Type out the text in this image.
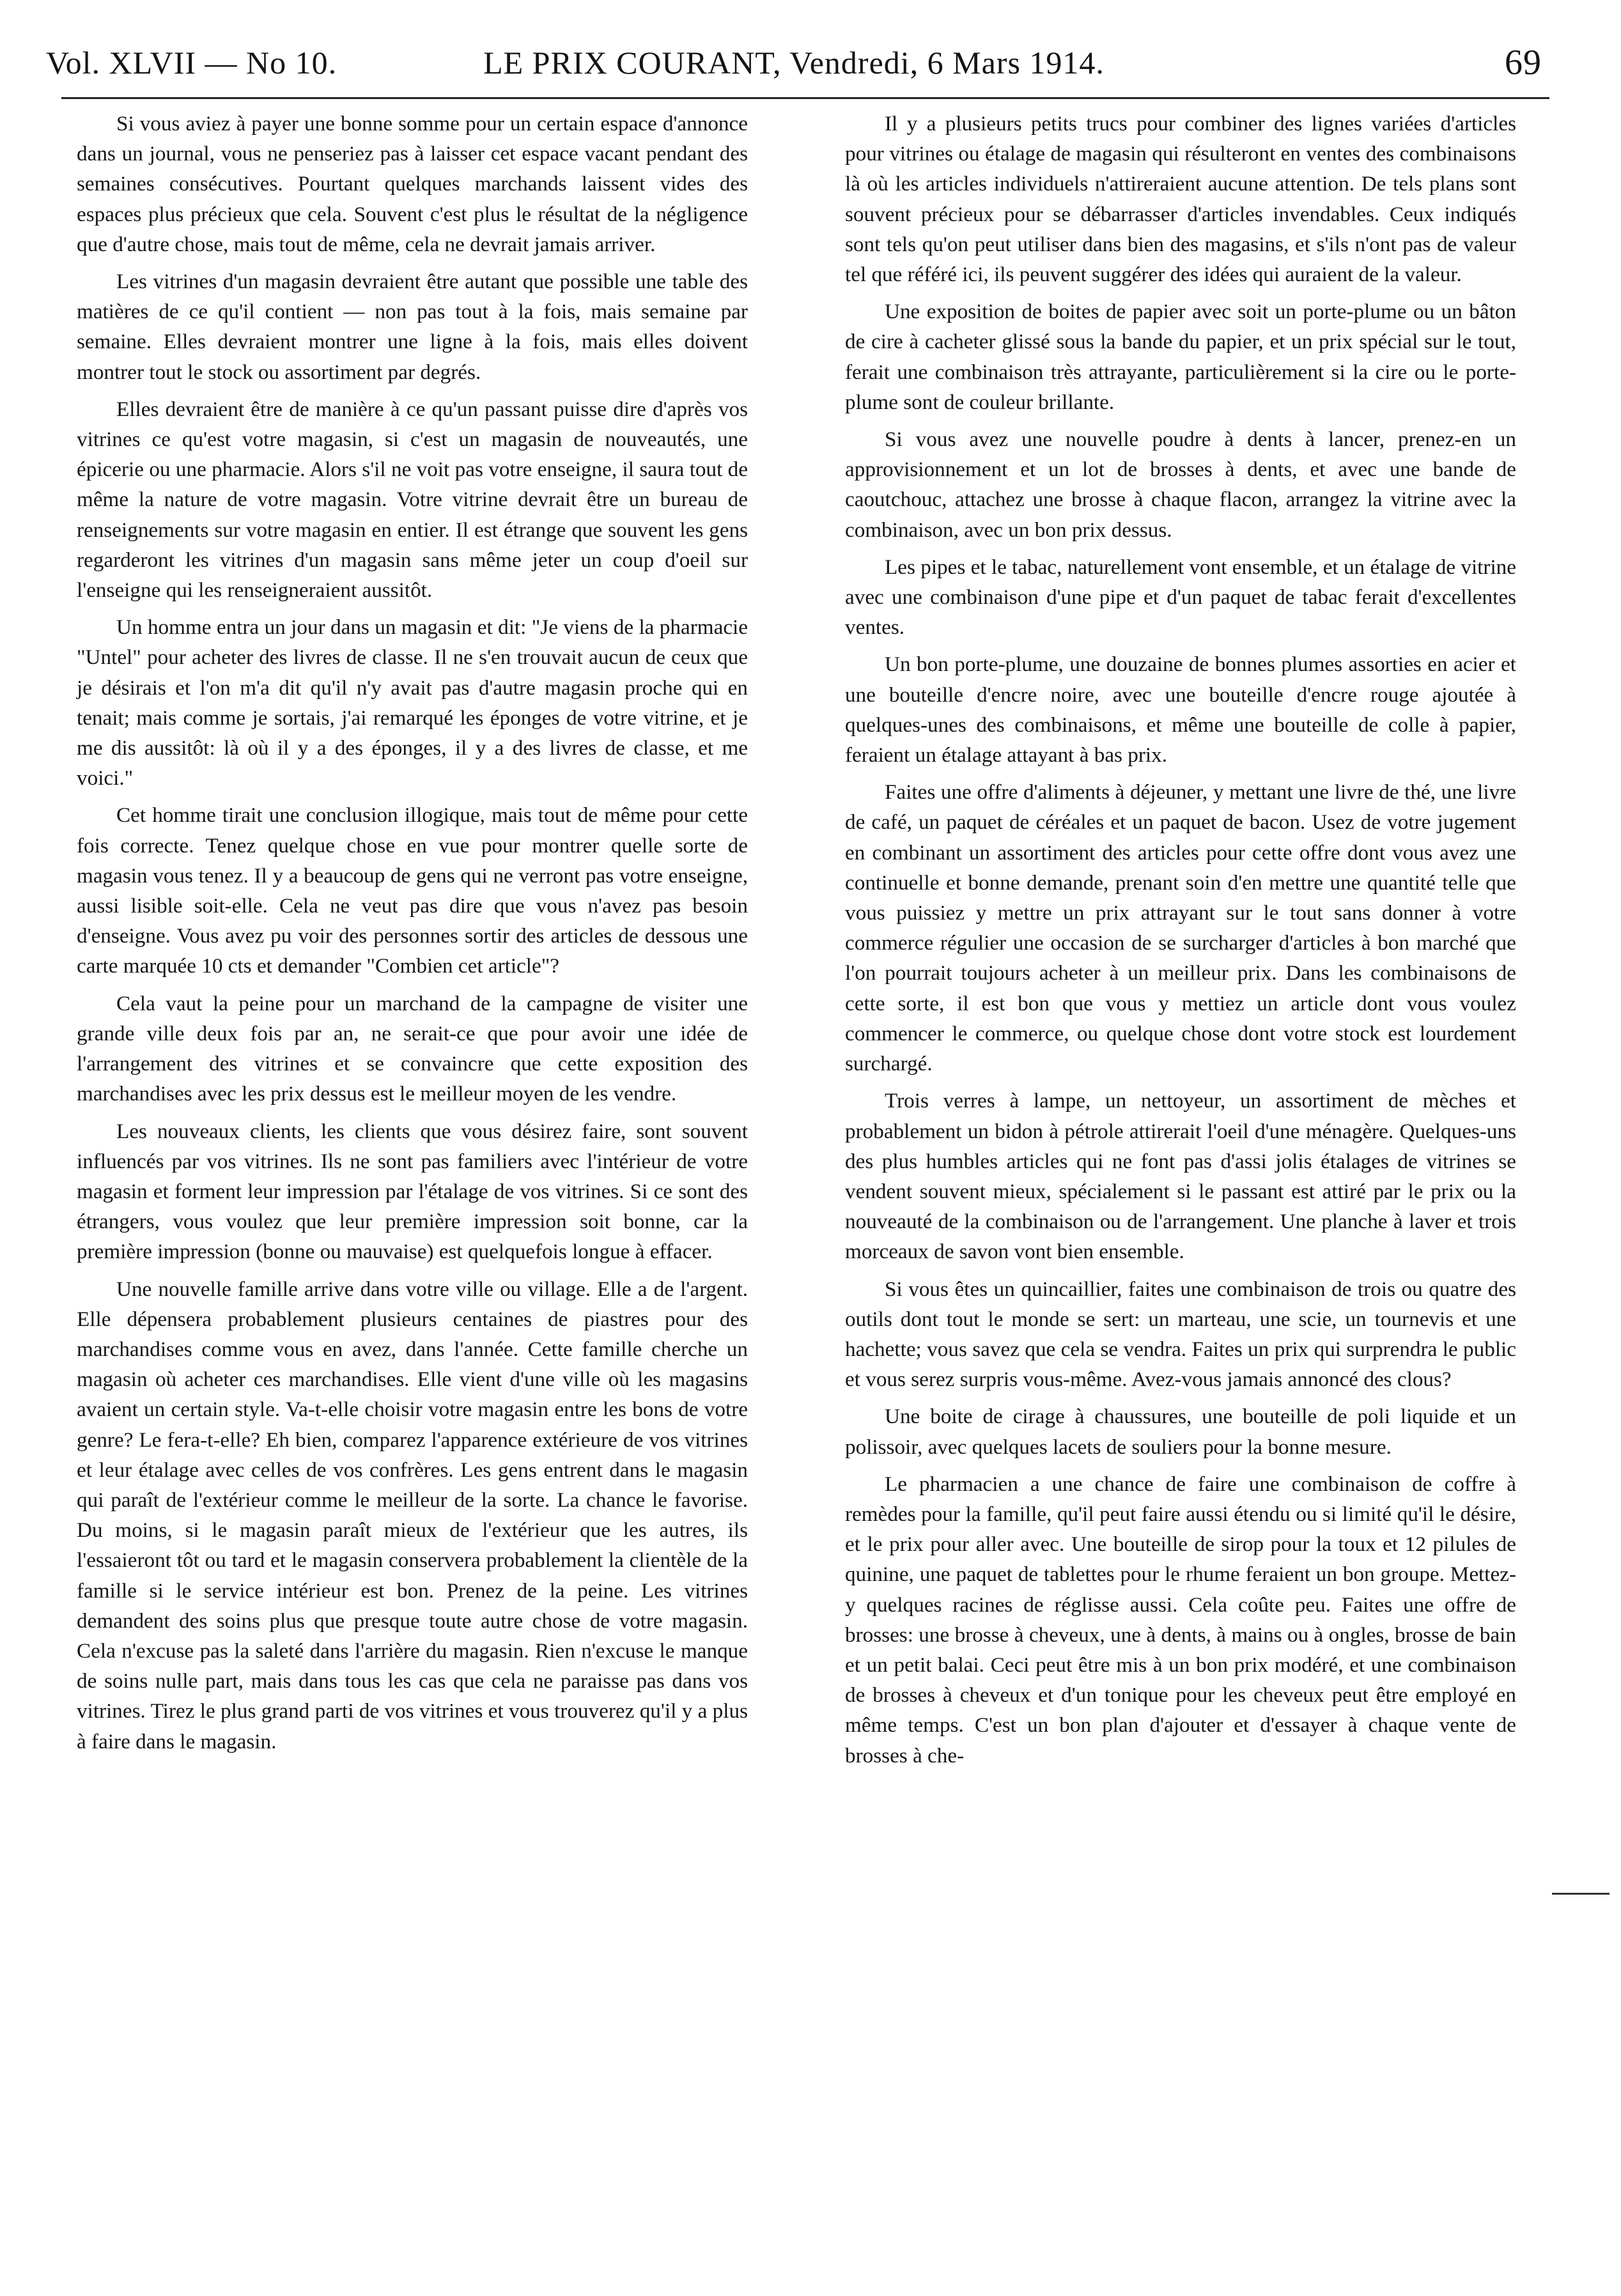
Vol. XLVII — No 10.	LE PRIX COURANT, Vendredi, 6 Mars 1914.	69

Si vous aviez à payer une bonne somme pour un certain espace d'annonce dans un journal, vous ne penseriez pas à laisser cet espace vacant pendant des semaines consécutives. Pourtant quelques marchands laissent vides des espaces plus précieux que cela. Souvent c'est plus le résultat de la négligence que d'autre chose, mais tout de même, cela ne devrait jamais arriver.

Les vitrines d'un magasin devraient être autant que possible une table des matières de ce qu'il contient — non pas tout à la fois, mais semaine par semaine. Elles devraient montrer une ligne à la fois, mais elles doivent montrer tout le stock ou assortiment par degrés.

Elles devraient être de manière à ce qu'un passant puisse dire d'après vos vitrines ce qu'est votre magasin, si c'est un magasin de nouveautés, une épicerie ou une pharmacie. Alors s'il ne voit pas votre enseigne, il saura tout de même la nature de votre magasin. Votre vitrine devrait être un bureau de renseignements sur votre magasin en entier. Il est étrange que souvent les gens regarderont les vitrines d'un magasin sans même jeter un coup d'oeil sur l'enseigne qui les renseigneraient aussitôt.

Un homme entra un jour dans un magasin et dit: "Je viens de la pharmacie "Untel" pour acheter des livres de classe. Il ne s'en trouvait aucun de ceux que je désirais et l'on m'a dit qu'il n'y avait pas d'autre magasin proche qui en tenait; mais comme je sortais, j'ai remarqué les éponges de votre vitrine, et je me dis aussitôt: là où il y a des éponges, il y a des livres de classe, et me voici."

Cet homme tirait une conclusion illogique, mais tout de même pour cette fois correcte. Tenez quelque chose en vue pour montrer quelle sorte de magasin vous tenez. Il y a beaucoup de gens qui ne verront pas votre enseigne, aussi lisible soit-elle. Cela ne veut pas dire que vous n'avez pas besoin d'enseigne. Vous avez pu voir des personnes sortir des articles de dessous une carte marquée 10 cts et demander "Combien cet article"?

Cela vaut la peine pour un marchand de la campagne de visiter une grande ville deux fois par an, ne serait-ce que pour avoir une idée de l'arrangement des vitrines et se convaincre que cette exposition des marchandises avec les prix dessus est le meilleur moyen de les vendre.

Les nouveaux clients, les clients que vous désirez faire, sont souvent influencés par vos vitrines. Ils ne sont pas familiers avec l'intérieur de votre magasin et forment leur impression par l'étalage de vos vitrines. Si ce sont des étrangers, vous voulez que leur première impression soit bonne, car la première impression (bonne ou mauvaise) est quelquefois longue à effacer.

Une nouvelle famille arrive dans votre ville ou village. Elle a de l'argent. Elle dépensera probablement plusieurs centaines de piastres pour des marchandises comme vous en avez, dans l'année. Cette famille cherche un magasin où acheter ces marchandises. Elle vient d'une ville où les magasins avaient un certain style. Va-t-elle choisir votre magasin entre les bons de votre genre? Le fera-t-elle? Eh bien, comparez l'apparence extérieure de vos vitrines et leur étalage avec celles de vos confrères. Les gens entrent dans le magasin qui paraît de l'extérieur comme le meilleur de la sorte. La chance le favorise. Du moins, si le magasin paraît mieux de l'extérieur que les autres, ils l'essaieront tôt ou tard et le magasin conservera probablement la clientèle de la famille si le service intérieur est bon. Prenez de la peine. Les vitrines demandent des soins plus que presque toute autre chose de votre magasin. Cela n'excuse pas la saleté dans l'arrière du magasin. Rien n'excuse le manque de soins nulle part, mais dans tous les cas que cela ne paraisse pas dans vos vitrines. Tirez le plus grand parti de vos vitrines et vous trouverez qu'il y a plus à faire dans le magasin.

Il y a plusieurs petits trucs pour combiner des lignes variées d'articles pour vitrines ou étalage de magasin qui résulteront en ventes des combinaisons là où les articles individuels n'attireraient aucune attention. De tels plans sont souvent précieux pour se débarrasser d'articles invendables. Ceux indiqués sont tels qu'on peut utiliser dans bien des magasins, et s'ils n'ont pas de valeur tel que référé ici, ils peuvent suggérer des idées qui auraient de la valeur.

Une exposition de boites de papier avec soit un porte-plume ou un bâton de cire à cacheter glissé sous la bande du papier, et un prix spécial sur le tout, ferait une combinaison très attrayante, particulièrement si la cire ou le porte-plume sont de couleur brillante.

Si vous avez une nouvelle poudre à dents à lancer, prenez-en un approvisionnement et un lot de brosses à dents, et avec une bande de caoutchouc, attachez une brosse à chaque flacon, arrangez la vitrine avec la combinaison, avec un bon prix dessus.

Les pipes et le tabac, naturellement vont ensemble, et un étalage de vitrine avec une combinaison d'une pipe et d'un paquet de tabac ferait d'excellentes ventes.

Un bon porte-plume, une douzaine de bonnes plumes assorties en acier et une bouteille d'encre noire, avec une bouteille d'encre rouge ajoutée à quelques-unes des combinaisons, et même une bouteille de colle à papier, feraient un étalage attayant à bas prix.

Faites une offre d'aliments à déjeuner, y mettant une livre de thé, une livre de café, un paquet de céréales et un paquet de bacon. Usez de votre jugement en combinant un assortiment des articles pour cette offre dont vous avez une continuelle et bonne demande, prenant soin d'en mettre une quantité telle que vous puissiez y mettre un prix attrayant sur le tout sans donner à votre commerce régulier une occasion de se surcharger d'articles à bon marché que l'on pourrait toujours acheter à un meilleur prix. Dans les combinaisons de cette sorte, il est bon que vous y mettiez un article dont vous voulez commencer le commerce, ou quelque chose dont votre stock est lourdement surchargé.

Trois verres à lampe, un nettoyeur, un assortiment de mèches et probablement un bidon à pétrole attirerait l'oeil d'une ménagère. Quelques-uns des plus humbles articles qui ne font pas d'assi jolis étalages de vitrines se vendent souvent mieux, spécialement si le passant est attiré par le prix ou la nouveauté de la combinaison ou de l'arrangement. Une planche à laver et trois morceaux de savon vont bien ensemble.

Si vous êtes un quincaillier, faites une combinaison de trois ou quatre des outils dont tout le monde se sert: un marteau, une scie, un tournevis et une hachette; vous savez que cela se vendra. Faites un prix qui surprendra le public et vous serez surpris vous-même. Avez-vous jamais annoncé des clous?

Une boite de cirage à chaussures, une bouteille de poli liquide et un polissoir, avec quelques lacets de souliers pour la bonne mesure.

Le pharmacien a une chance de faire une combinaison de coffre à remèdes pour la famille, qu'il peut faire aussi étendu ou si limité qu'il le désire, et le prix pour aller avec. Une bouteille de sirop pour la toux et 12 pilules de quinine, une paquet de tablettes pour le rhume feraient un bon groupe. Mettez-y quelques racines de réglisse aussi. Cela coûte peu. Faites une offre de brosses: une brosse à cheveux, une à dents, à mains ou à ongles, brosse de bain et un petit balai. Ceci peut être mis à un bon prix modéré, et une combinaison de brosses à cheveux et d'un tonique pour les cheveux peut être employé en même temps. C'est un bon plan d'ajouter et d'essayer à chaque vente de brosses à che-
